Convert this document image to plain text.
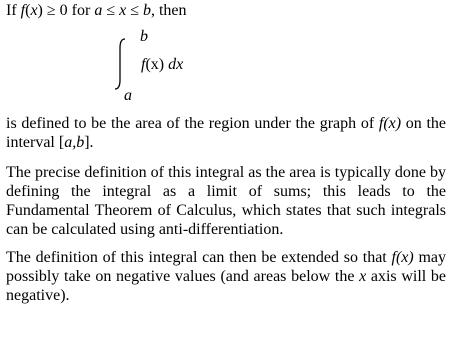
If f(x) ≥ 0 for a ≤ x ≤ b, then
b
f(x) dx
a

is defined to be the area of the region under the graph of f(x) on the interval [a,b].

The precise definition of this integral as the area is typically done by defining the integral as a limit of sums; this leads to the Fundamental Theorem of Calculus, which states that such integrals can be calculated using anti-differentiation.

The definition of this integral can then be extended so that f(x) may possibly take on negative values (and areas below the x axis will be negative).
